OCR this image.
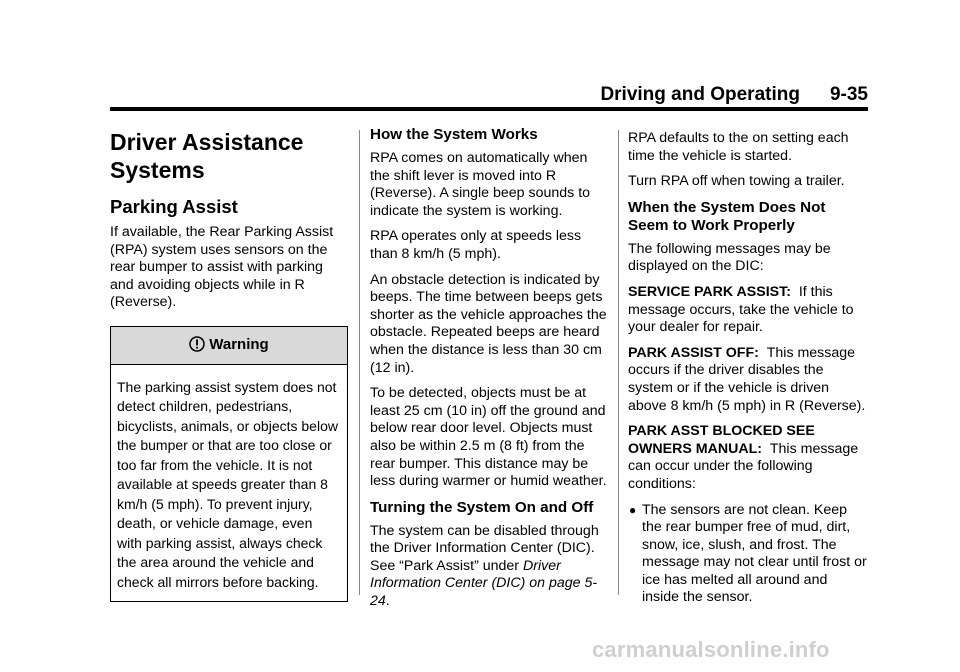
Driving and Operating 9-35
Driver Assistance
Systems
Parking Assist

If available, the Rear Parking Assist (RPA) system uses sensors on the rear bumper to assist with parking and avoiding objects while in R (Reverse).

Warning
The parking assist system does not detect children, pedestrians, bicyclists, animals, or objects below the bumper or that are too close or too far from the vehicle. It is not available at speeds greater than 8 km/h (5 mph). To prevent injury, death, or vehicle damage, even with parking assist, always check the area around the vehicle and check all mirrors before backing.
How the System Works

RPA comes on automatically when the shift lever is moved into R (Reverse). A single beep sounds to indicate the system is working.

RPA operates only at speeds less than 8 km/h (5 mph).

An obstacle detection is indicated by beeps. The time between beeps gets shorter as the vehicle approaches the obstacle. Repeated beeps are heard when the distance is less than 30 cm (12 in).

To be detected, objects must be at least 25 cm (10 in) off the ground and below rear door level. Objects must also be within 2.5 m (8 ft) from the rear bumper. This distance may be less during warmer or humid weather.

Turning the System On and Off

The system can be disabled through the Driver Information Center (DIC). See “Park Assist” under Driver Information Center (DIC) on page 5-24.

RPA defaults to the on setting each time the vehicle is started.

Turn RPA off when towing a trailer.

When the System Does Not Seem to Work Properly

The following messages may be displayed on the DIC:

SERVICE PARK ASSIST: If this message occurs, take the vehicle to your dealer for repair.

PARK ASSIST OFF: This message occurs if the driver disables the system or if the vehicle is driven above 8 km/h (5 mph) in R (Reverse).

PARK ASST BLOCKED SEE OWNERS MANUAL: This message can occur under the following conditions:

● The sensors are not clean. Keep the rear bumper free of mud, dirt, snow, ice, slush, and frost. The message may not clear until frost or ice has melted all around and inside the sensor.
carmanualsonline.info
